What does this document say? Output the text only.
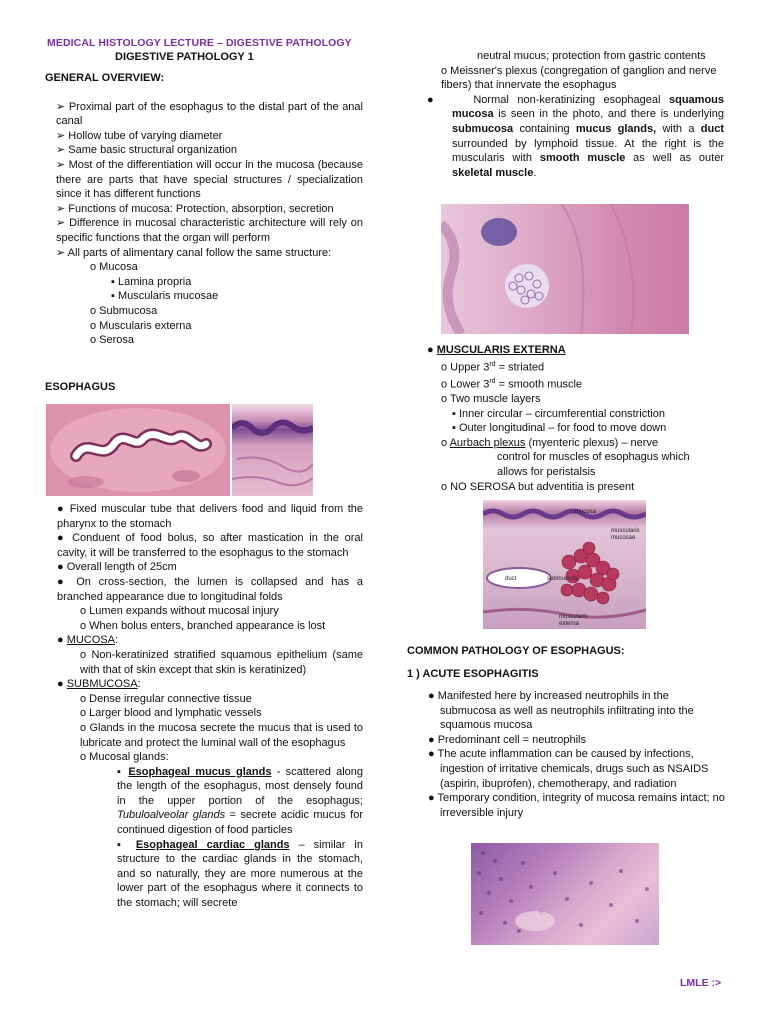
MEDICAL HISTOLOGY LECTURE – DIGESTIVE PATHOLOGY
DIGESTIVE PATHOLOGY 1
GENERAL OVERVIEW:

➢ Proximal part of the esophagus to the distal part of the anal canal

➢ Hollow tube of varying diameter

➢ Same basic structural organization

➢ Most of the differentiation will occur in the mucosa (because there are parts that have special structures / specialization since it has different functions

➢ Functions of mucosa: Protection, absorption, secretion

➢ Difference in mucosal characteristic architecture will rely on specific functions that the organ will perform

➢ All parts of alimentary canal follow the same structure:

o Mucosa

▪ Lamina propria

▪ Muscularis mucosae

o Submucosa

o Muscularis externa

o Serosa

ESOPHAGUS

● Fixed muscular tube that delivers food and liquid from the pharynx to the stomach

● Conduent of food bolus, so after mastication in the oral cavity, it will be transferred to the esophagus to the stomach

● Overall length of 25cm

● On cross-section, the lumen is collapsed and has a branched appearance due to longitudinal folds

o Lumen expands without mucosal injury

o When bolus enters, branched appearance is lost

● MUCOSA:

o Non-keratinized stratified squamous epithelium (same with that of skin except that skin is keratinized)

● SUBMUCOSA:

o Dense irregular connective tissue

o Larger blood and lymphatic vessels

o Glands in the mucosa secrete the mucus that is used to lubricate and protect the luminal wall of the esophagus

o Mucosal glands:

▪ Esophageal mucus glands - scattered along the length of the esophagus, most densely found in the upper portion of the esophagus; Tubuloalveolar glands = secrete acidic mucus for continued digestion of food particles

▪ Esophageal cardiac glands – similar in structure to the cardiac glands in the stomach, and so naturally, they are more numerous at the lower part of the esophagus where it connects to the stomach; will secrete

neutral mucus; protection from gastric contents

o Meissner's plexus (congregation of ganglion and nerve fibers) that innervate the esophagus

●    Normal non-keratinizing esophageal squamous mucosa is seen in the photo, and there is underlying submucosa containing mucus glands, with a duct surrounded by lymphoid tissue. At the right is the muscularis with smooth muscle as well as outer skeletal muscle.

● MUSCULARIS EXTERNA

o Upper 3rd = striated

o Lower 3rd = smooth muscle

o Two muscle layers

▪ Inner circular – circumferential constriction

▪ Outer longitudinal – for food to move down

o Aurbach plexus (myenteric plexus) – nerve

control for muscles of esophagus which

allows for peristalsis

o NO SEROSA but adventitia is present

mucosa
muscularis mucosae
duct	submucosa
muscularis externa
COMMON PATHOLOGY OF ESOPHAGUS:
1 ) ACUTE ESOPHAGITIS

● Manifested here by increased neutrophils in the submucosa as well as neutrophils infiltrating into the squamous mucosa

● Predominant cell = neutrophils

● The acute inflammation can be caused by infections, ingestion of irritative chemicals, drugs such as NSAIDS (aspirin, ibuprofen), chemotherapy, and radiation

● Temporary condition, integrity of mucosa remains intact; no irreversible injury

LMLE :>
